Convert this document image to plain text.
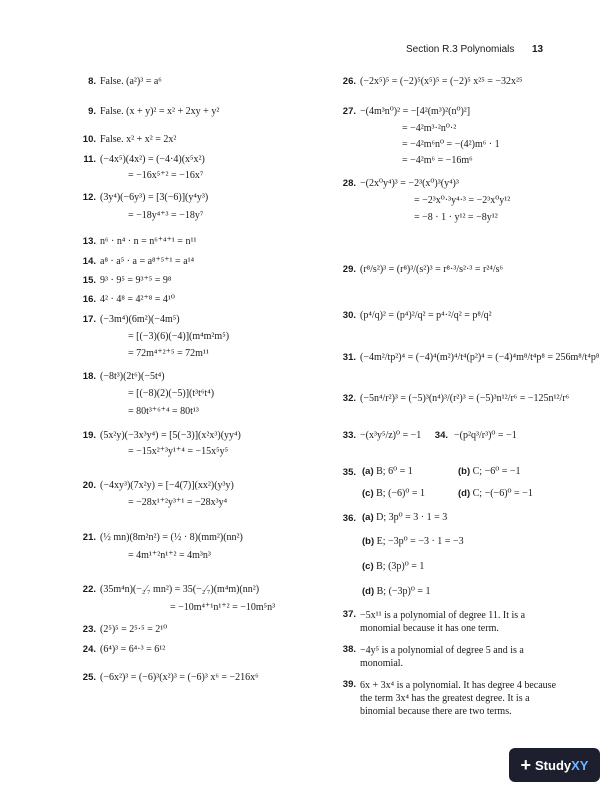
Section R.3 Polynomials 13
8. False. (a²)³ = a⁶
9. False. (x + y)² = x² + 2xy + y²
10. False. x² + x² = 2x²
11. (−4x⁵)(4x²) = (−4·4)(x⁵x²)
= −16x⁵⁺² = −16x⁷
12. (3y⁴)(−6y³) = [3(−6)](y⁴y³)
= −18y⁴⁺³ = −18y⁷
13. n⁶ · n⁴ · n = n⁶⁺⁴⁺¹ = n¹¹
14. a⁸ · a⁵ · a = a⁸⁺⁵⁺¹ = a¹⁴
15. 9³ · 9⁵ = 9³⁺⁵ = 9⁸
16. 4² · 4⁸ = 4²⁺⁸ = 4¹⁰
17. (−3m⁴)(6m²)(−4m⁵)
= [(−3)(6)(−4)](m⁴m²m⁵)
= 72m⁴⁺²⁺⁵ = 72m¹¹
18. (−8t³)(2t⁶)(−5t⁴)
= [(−8)(2)(−5)](t³t⁶t⁴)
= 80t³⁺⁶⁺⁴ = 80t¹³
19. (5x²y)(−3x³y⁴) = [5(−3)](x²x³)(yy⁴)
= −15x²⁺³y¹⁺⁴ = −15x⁵y⁵
20. (−4xy³)(7x²y) = [−4(7)](xx²)(y³y)
= −28x¹⁺²y³⁺¹ = −28x³y⁴
21. (½ mn)(8m²n²) = (½ · 8)(mm²)(nn²)
= 4m¹⁺²n¹⁺² = 4m³n³
22. (35m⁴n)(−₂⁄₇ mn²) = 35(−₂⁄₇)(m⁴m)(nn²)
= −10m⁴⁺¹n¹⁺² = −10m⁵n³
23. (2⁵)⁵ = 2⁵·⁵ = 2¹⁰
24. (6⁴)³ = 6⁴·³ = 6¹²
25. (−6x²)³ = (−6)³(x²)³ = (−6)³ x⁶ = −216x⁶
26. (−2x⁵)⁵ = (−2)⁵(x⁵)⁵ = (−2)⁵ x²⁵ = −32x²⁵
27. −(4m³n⁰)² = −[4²(m³)²(n⁰)²]
= −4²m³·²n⁰·²
= −4²m⁶n⁰ = −(4²)m⁶ · 1
= −4²m⁶ = −16m⁶
28. −(2x⁰y⁴)³ = −2³(x⁰)³(y⁴)³
= −2³x⁰·³y⁴·³ = −2³x⁰y¹²
= −8 · 1 · y¹² = −8y¹²
29. (r⁸/s²)³ = (r⁸)³/(s²)³ = r⁸·³/s²·³ = r²⁴/s⁶
30. (p⁴/q)² = (p⁴)²/q² = p⁴·²/q² = p⁸/q²
31. (−4m²/tp²)⁴ = (−4)⁴(m²)⁴/t⁴(p²)⁴ = (−4)⁴m⁸/t⁴p⁸ = 256m⁸/t⁴p⁸
32. (−5n⁴/r²)³ = (−5)³(n⁴)³/(r²)³ = (−5)³n¹²/r⁶ = −125n¹²/r⁶
33. −(x³y⁵/z)⁰ = −1	34. −(p²q³/r³)⁰ = −1
35. (a) B; 6⁰ = 1	(b) C; −6⁰ = −1
(c) B; (−6)⁰ = 1	(d) C; −(−6)⁰ = −1
36. (a) D; 3p⁰ = 3 · 1 = 3
(b) E; −3p⁰ = −3 · 1 = −3
(c) B; (3p)⁰ = 1
(d) B; (−3p)⁰ = 1
37. −5x¹¹ is a polynomial of degree 11. It is a monomial because it has one term.
38. −4y⁵ is a polynomial of degree 5 and is a monomial.
39. 6x + 3x⁴ is a polynomial. It has degree 4 because the term 3x⁴ has the greatest degree. It is a binomial because there are two terms.
+ StudyXY
